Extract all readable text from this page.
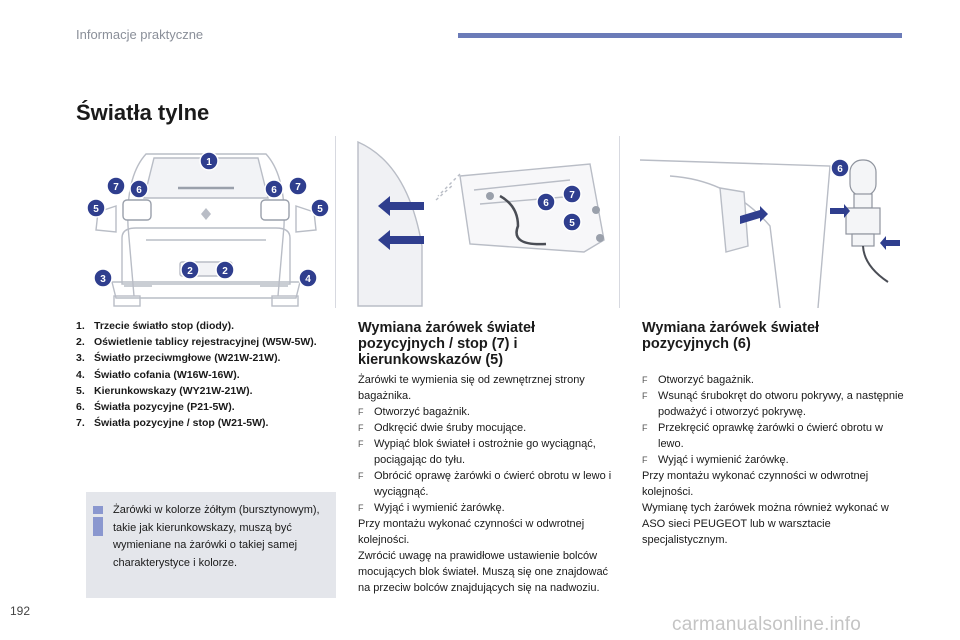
Informacje praktyczne
Światła tylne
1
7 6
5
6 7
5
3
2	2
4
7
6
5
6
1. Trzecie światło stop (diody).
2. Oświetlenie tablicy rejestracyjnej (W5W-5W).
3. Światło przeciwmgłowe (W21W-21W).
4. Światło cofania (W16W-16W).
5. Kierunkowskazy (WY21W-21W).
6. Światła pozycyjne (P21-5W).
7. Światła pozycyjne / stop (W21-5W).
Żarówki w kolorze żółtym (bursztynowym), takie jak kierunkowskazy, muszą być wymieniane na żarówki o takiej samej charakterystyce i kolorze.
Wymiana żarówek świateł pozycyjnych / stop (7) i kierunkowskazów (5)

Żarówki te wymienia się od zewnętrznej strony bagażnika.

F Otworzyć bagażnik.
F Odkręcić dwie śruby mocujące.
F Wypiąć blok świateł i ostrożnie go wyciągnąć, pociągając do tyłu.
F Obrócić oprawę żarówki o ćwierć obrotu w lewo i wyciągnąć.
F Wyjąć i wymienić żarówkę.

Przy montażu wykonać czynności w odwrotnej kolejności.

Zwrócić uwagę na prawidłowe ustawienie bolców mocujących blok świateł. Muszą się one znajdować na przeciw bolców znajdujących się na nadwoziu.

Wymiana żarówek świateł pozycyjnych (6)
F Otworzyć bagażnik.
F Wsunąć śrubokręt do otworu pokrywy, a następnie podważyć i otworzyć pokrywę.
F Przekręcić oprawkę żarówki o ćwierć obrotu w lewo.
F Wyjąć i wymienić żarówkę.

Przy montażu wykonać czynności w odwrotnej kolejności.

Wymianę tych żarówek można również wykonać w ASO sieci PEUGEOT lub w warsztacie specjalistycznym.

192
carmanualsonline.info
